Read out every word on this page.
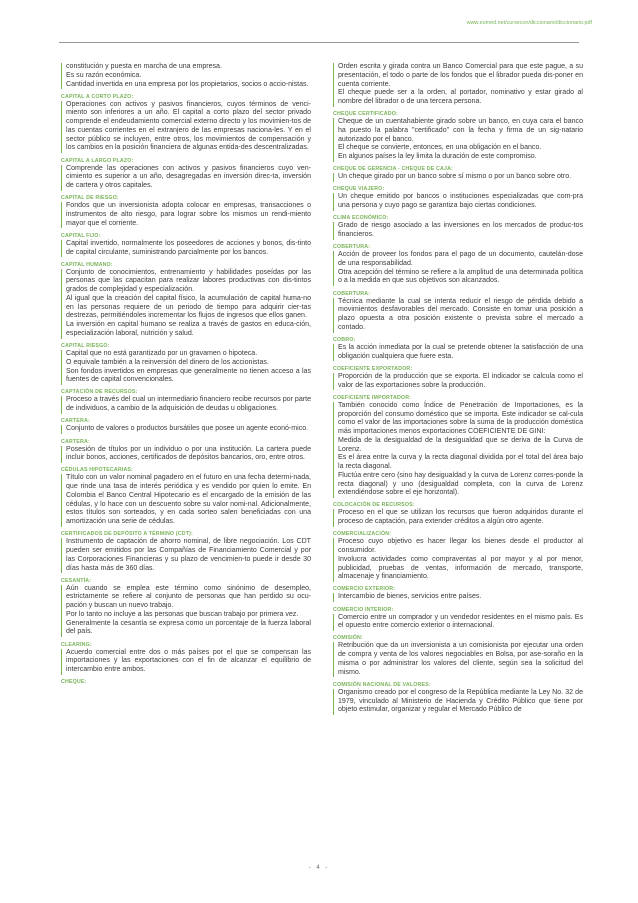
www.eumed.net/cursecon/diccionario/diccionario.pdf

constitución y puesta en marcha de una empresa.

Es su razón económica.

Cantidad invertida en una empresa por los propietarios, socios o accio-nistas.

CAPITAL A CORTO PLAZO:

Operaciones con activos y pasivos financieros, cuyos términos de venci-miento son inferiores a un año. El capital a corto plazo del sector privado comprende el endeudamiento comercial externo directo y los movimien-tos de las cuentas corrientes en el extranjero de las empresas naciona-les. Y en el sector público se incluyen, entre otros, los movimientos de compensación y los cambios en la posición financiera de algunas entida-des descentralizadas.

CAPITAL A LARGO PLAZO:

Comprende las operaciones con activos y pasivos financieros cuyo ven-cimiento es superior a un año, desagregadas en inversión direc-ta, inversión de cartera y otros capitales.

CAPITAL DE RIESGO:

Fondos que un inversionista adopta colocar en empresas, transacciones o instrumentos de alto riesgo, para lograr sobre los mismos un rendi-miento mayor que el corriente.

CAPITAL FIJO:

Capital invertido, normalmente los poseedores de acciones y bonos, dis-tinto de capital circulante, suministrando parcialmente por los bancos.

CAPITAL HUMANO:

Conjunto de conocimientos, entrenamiento y habilidades poseídas por las personas que las capacitan para realizar labores productivas con dis-tintos grados de complejidad y especialización.

Al igual que la creación del capital físico, la acumulación de capital huma-no en las personas requiere de un periodo de tiempo para adquirir cier-tas destrezas, permitiéndoles incrementar los flujos de ingresos que ellos ganen.

La inversión en capital humano se realiza a través de gastos en educa-ción, especialización laboral, nutrición y salud.

CAPITAL RIESGO:

Capital que no está garantizado por un gravamen o hipoteca.

O equivale también a la reinversión del dinero de los accionistas.

Son fondos invertidos en empresas que generalmente no tienen acceso a las fuentes de capital convencionales.

CAPTACIÓN DE RECURSOS:

Proceso a través del cual un intermediario financiero recibe recursos por parte de individuos, a cambio de la adquisición de deudas u obligaciones.

CARTERA:

Conjunto de valores o productos bursátiles que posee un agente econó-mico.

CARTERA:

Posesión de títulos por un individuo o por una institución. La cartera puede incluir bonos, acciones, certificados de depósitos bancarios, oro, entre otros.

CÉDULAS HIPOTECARIAS:

Título con un valor nominal pagadero en el futuro en una fecha determi-nada, que rinde una tasa de interés periódica y es vendido por quien lo emite. En Colombia el Banco Central Hipotecario es el encargado de la emisión de las cédulas, y lo hace con un descuento sobre su valor nomi-nal. Adicionalmente, estos títulos son sorteados, y en cada sorteo salen beneficiadas con una amortización una serie de cédulas.

CERTIFICADOS DE DEPÓSITO A TÉRMINO (CDT):

Instrumento de captación de ahorro nominal, de libre negociación. Los CDT pueden ser emitidos por las Compañías de Financiamiento Comercial y por las Corporaciones Financieras y su plazo de vencimien-to puede ir desde 30 días hasta más de 360 días.

CESANTÍA:

Aún cuando se emplea este término como sinónimo de desempleo, estrictamente se refiere al conjunto de personas que han perdido su ocu-pación y buscan un nuevo trabajo.

Por lo tanto no incluye a las personas que buscan trabajo por primera vez.

Generalmente la cesantía se expresa como un porcentaje de la fuerza laboral del país.

CLEARING:

Acuerdo comercial entre dos o más países por el que se compensan las importaciones y las exportaciones con el fin de alcanzar el equilibrio de intercambio entre ambos.

CHEQUE:

Orden escrita y girada contra un Banco Comercial para que este pague, a su presentación, el todo o parte de los fondos que el librador pueda dis-poner en cuenta corriente.

El cheque puede ser a la orden, al portador, nominativo y estar girado al nombre del librador o de una tercera persona.

CHEQUE CERTIFICADO:

Cheque de un cuentahabiente girado sobre un banco, en cuya cara el banco ha puesto la palabra "certificado" con la fecha y firma de un sig-natario autorizado por el banco.

El cheque se convierte, entonces, en una obligación en el banco.

En algunos países la ley limita la duración de este compromiso.

CHEQUE DE GERENCIA - CHEQUE DE CAJA:

Un cheque girado por un banco sobre sí mismo o por un banco sobre otro.

CHEQUE VIAJERO:

Un cheque emitido por bancos o instituciones especializadas que com-pra una persona y cuyo pago se garantiza bajo ciertas condiciones.

CLIMA ECONÓMICO:

Grado de riesgo asociado a las inversiones en los mercados de produc-tos financieros.

COBERTURA:

Acción de proveer los fondos para el pago de un documento, cautelán-dose de una responsabilidad.

Otra acepción del término se refiere a la amplitud de una determinada política o a la medida en que sus objetivos son alcanzados.

COBERTURA:

Técnica mediante la cual se intenta reducir el riesgo de pérdida debido a movimientos desfavorables del mercado. Consiste en tomar una posición a plazo opuesta a otra posición existente o prevista sobre el mercado a contado.

COBRO:

Es la acción inmediata por la cual se pretende obtener la satisfacción de una obligación cualquiera que fuere esta.

COEFICIENTE EXPORTADOR:

Proporción de la producción que se exporta. El indicador se calcula como el valor de las exportaciones sobre la producción.

COEFICIENTE IMPORTADOR:

También conocido como Índice de Penetración de Importaciones, es la proporción del consumo doméstico que se importa. Este indicador se cal-cula como el valor de las importaciones sobre la suma de la producción doméstica más importaciones menos exportaciones COEFICIENTE DE GINI:

Medida de la desigualdad de la desigualdad que se deriva de la Curva de Lorenz.

Es el área entre la curva y la recta diagonal dividida por el total del área bajo la recta diagonal.

Fluctúa entre cero (sino hay desigualdad y la curva de Lorenz corres-ponde la recta diagonal) y uno (desigualdad completa, con la curva de Lorenz extendiéndose sobre el eje horizontal).

COLOCACIÓN DE RECURSOS:

Proceso en el que se utilizan los recursos que fueron adquiridos durante el proceso de captación, para extender créditos a algún otro agente.

COMERCIALIZACIÓN:

Proceso cuyo objetivo es hacer llegar los bienes desde el productor al consumidor.

Involucra actividades como compraventas al por mayor y al por menor, publicidad, pruebas de ventas, información de mercado, transporte, almacenaje y financiamiento.

COMERCIO EXTERIOR:

Intercambio de bienes, servicios entre países.

COMERCIO INTERIOR:

Comercio entre un comprador y un vendedor residentes en el mismo país. Es el opuesto entre comercio exterior o internacional.

COMISIÓN:

Retribución que da un inversionista a un comisionista por ejecutar una orden de compra y venta de los valores negociables en Bolsa, por ase-soraño en la misma o por administrar los valores del cliente, según sea la solicitud del mismo.

COMISIÓN NACIONAL DE VALORES:

Organismo creado por el congreso de la República mediante la Ley No. 32 de 1979, vinculado al Ministerio de Hacienda y Crédito Público que tiene por objeto estimular, organizar y regular el Mercado Público de

- 4 -
